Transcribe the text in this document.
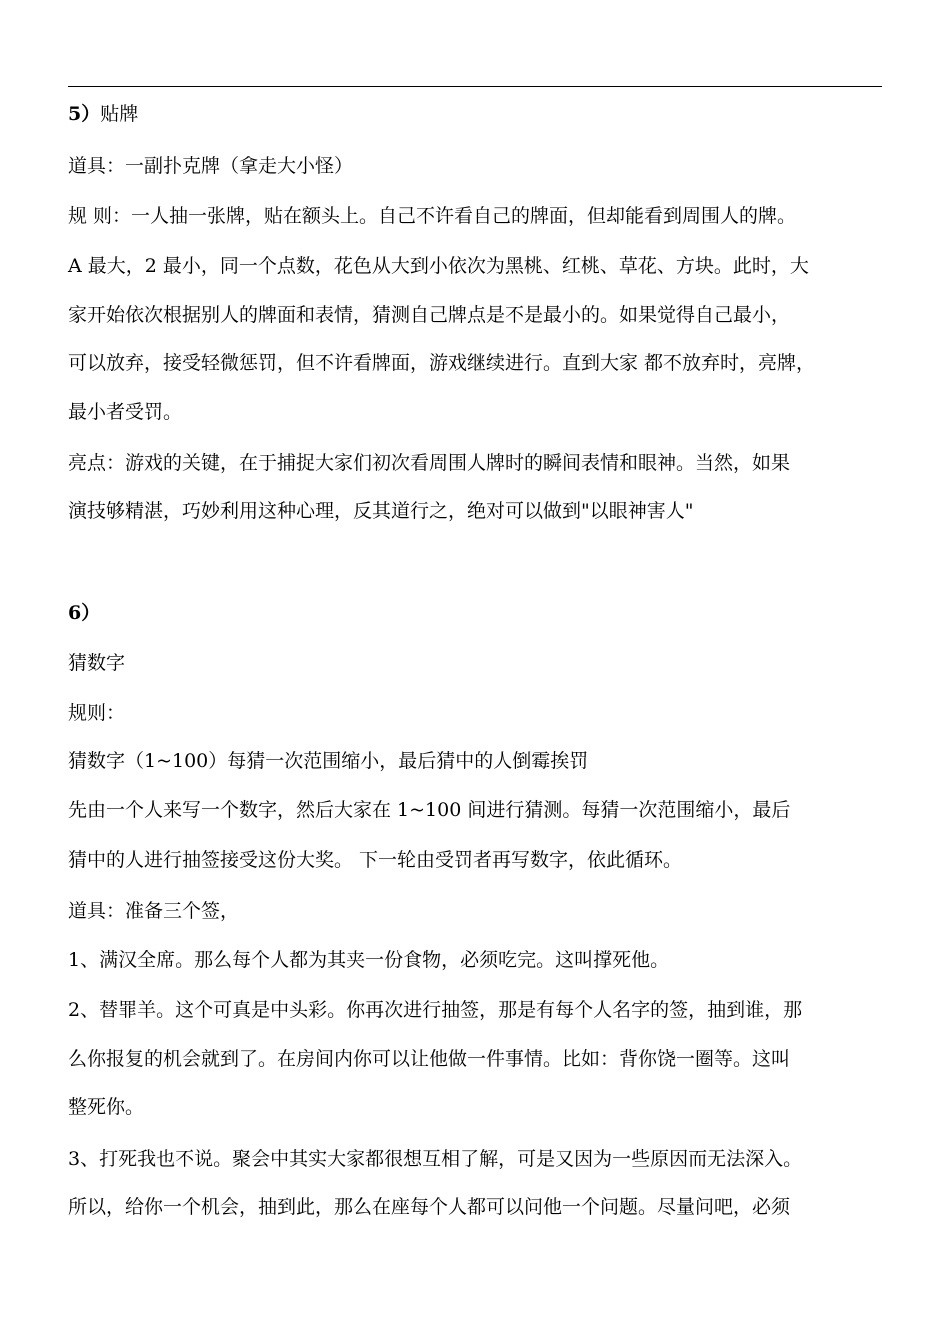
5）贴牌
道具：一副扑克牌（拿走大小怪）
规 则：一人抽一张牌，贴在额头上。自己不许看自己的牌面，但却能看到周围人的牌。
A 最大，2 最小，同一个点数，花色从大到小依次为黑桃、红桃、草花、方块。此时，大
家开始依次根据别人的牌面和表情，猜测自己牌点是不是最小的。如果觉得自己最小，
可以放弃，接受轻微惩罚，但不许看牌面，游戏继续进行。直到大家 都不放弃时，亮牌，
最小者受罚。
亮点：游戏的关键，在于捕捉大家们初次看周围人牌时的瞬间表情和眼神。当然，如果
演技够精湛，巧妙利用这种心理，反其道行之，绝对可以做到"以眼神害人"
6）
猜数字
规则：
猜数字（1~100）每猜一次范围缩小，最后猜中的人倒霉挨罚
先由一个人来写一个数字，然后大家在 1~100 间进行猜测。每猜一次范围缩小，最后
猜中的人进行抽签接受这份大奖。 下一轮由受罚者再写数字，依此循环。
道具：准备三个签，
1、满汉全席。那么每个人都为其夹一份食物，必须吃完。这叫撑死他。
2、替罪羊。这个可真是中头彩。你再次进行抽签，那是有每个人名字的签，抽到谁，那
么你报复的机会就到了。在房间内你可以让他做一件事情。比如：背你饶一圈等。这叫
整死你。
3、打死我也不说。聚会中其实大家都很想互相了解，可是又因为一些原因而无法深入。
所以，给你一个机会，抽到此，那么在座每个人都可以问他一个问题。尽量问吧，必须
